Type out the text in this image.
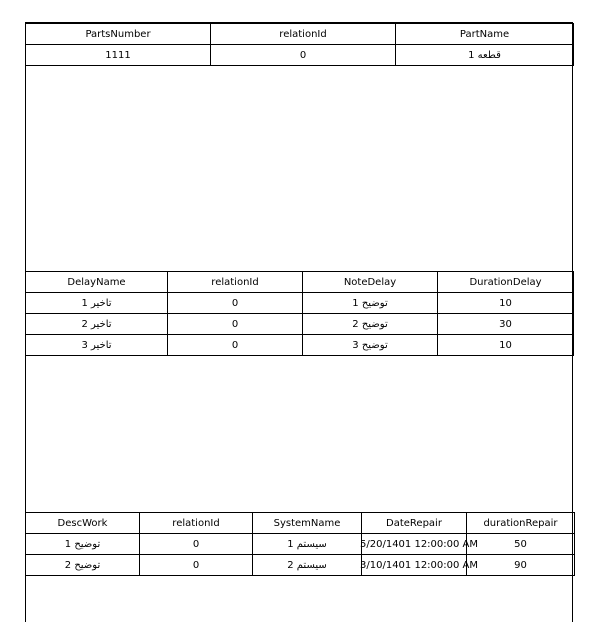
PartsNumber	relationId	PartName
1111	0	قطعه 1
DelayName	relationId	NoteDelay	DurationDelay
تاخیر 1	0	توضیح 1	10
تاخیر 2	0	توضیح 2	30
تاخیر 3	0	توضیح 3	10
DescWork	relationId	SystemName	DateRepair	durationRepair
توضیح 1	0	سیستم 1	5/20/1401 12:00:00 AM	50
توضیح 2	0	سیستم 2	3/10/1401 12:00:00 AM	90
